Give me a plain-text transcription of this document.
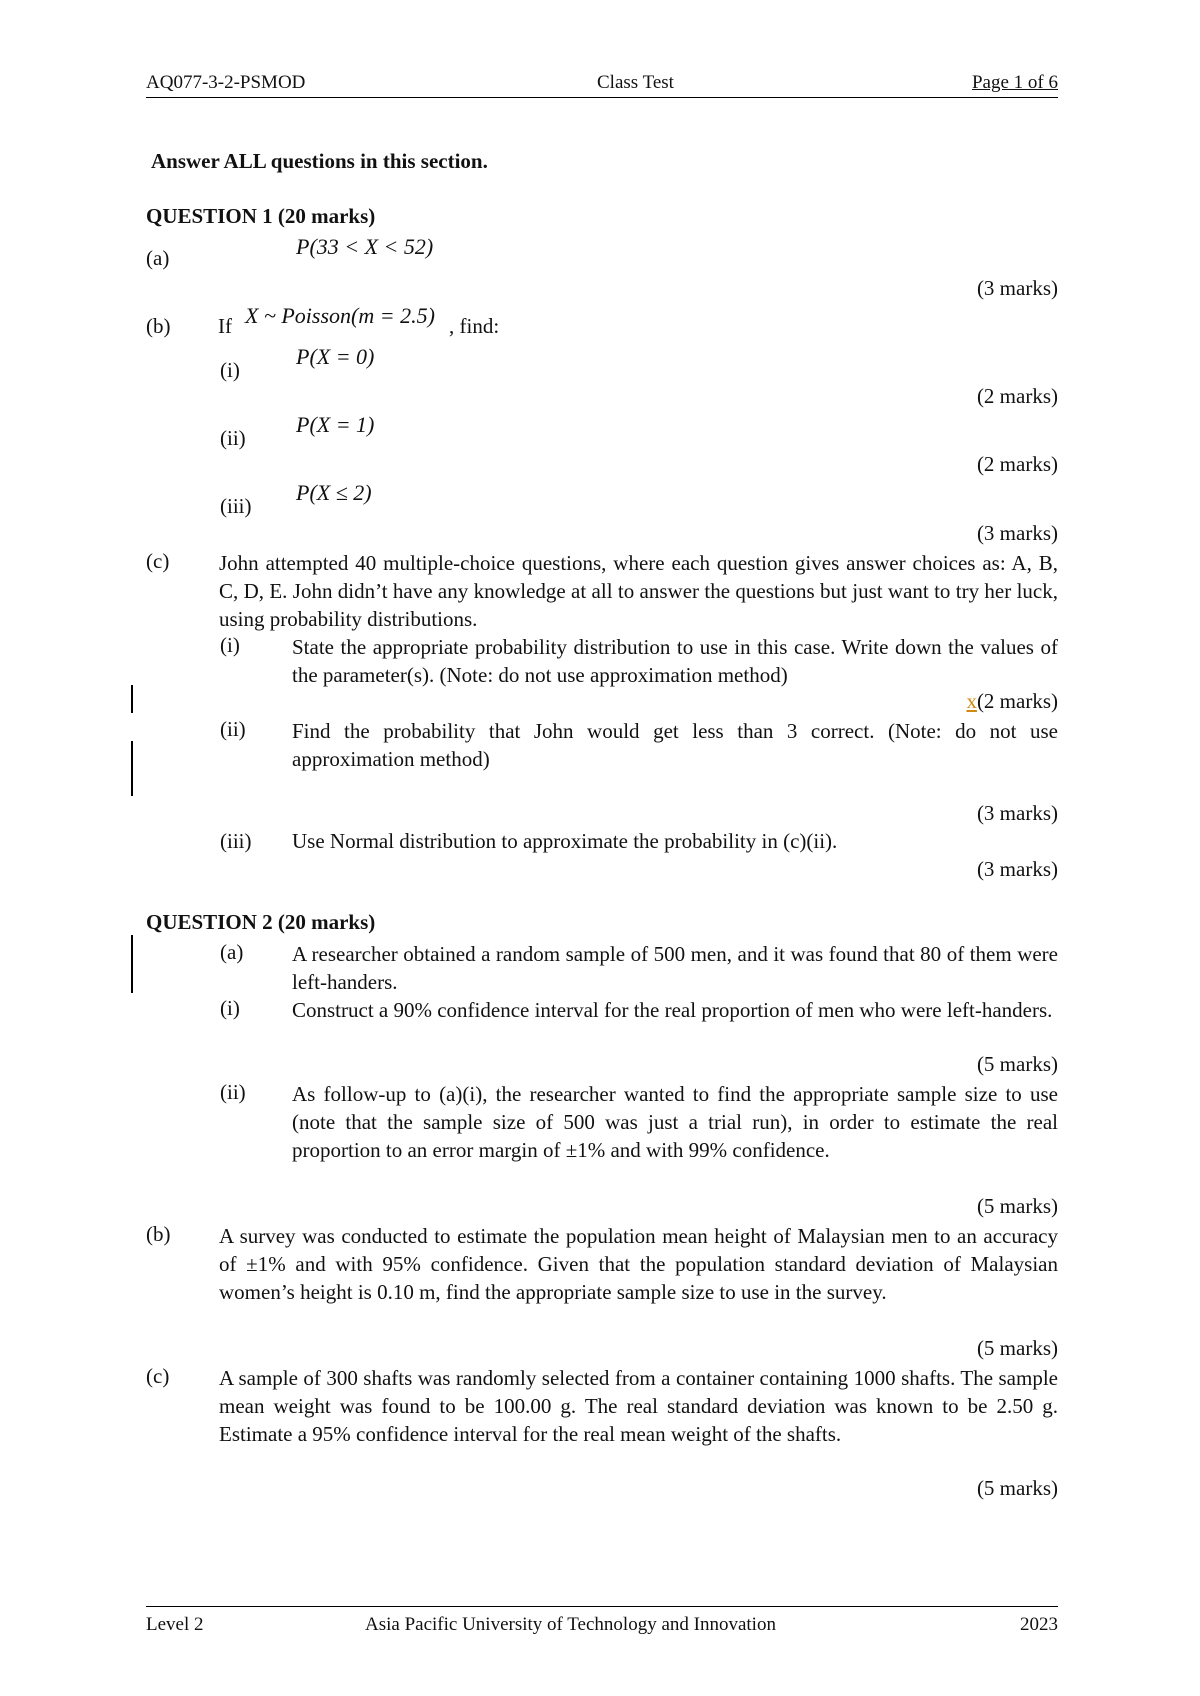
AQ077-3-2-PSMOD	Class Test	Page 1 of 6
Answer ALL questions in this section.
QUESTION 1 (20 marks)
(a)	P(33 < X < 52)
(3 marks)
(b) If X ~ Poisson(m = 2.5) , find:
(i)
P(X = 0)
(2 marks)
(ii)
P(X = 1)
(2 marks)
(iii)
P(X ≤ 2)
(3 marks)
(c) John attempted 40 multiple-choice questions, where each question gives answer choices as: A, B, C, D, E. John didn’t have any knowledge at all to answer the questions but just want to try her luck, using probability distributions.
(i) State the appropriate probability distribution to use in this case. Write down the values of the parameter(s). (Note: do not use approximation method)
x(2 marks)
(ii) Find the probability that John would get less than 3 correct. (Note: do not use approximation method)
(3 marks)
(iii) Use Normal distribution to approximate the probability in (c)(ii).
(3 marks)
QUESTION 2 (20 marks)
(a) A researcher obtained a random sample of 500 men, and it was found that 80 of them were left-handers.
(i) Construct a 90% confidence interval for the real proportion of men who were left-handers.
(5 marks)
(ii) As follow-up to (a)(i), the researcher wanted to find the appropriate sample size to use (note that the sample size of 500 was just a trial run), in order to estimate the real proportion to an error margin of ±1% and with 99% confidence.
(5 marks)
(b) A survey was conducted to estimate the population mean height of Malaysian men to an accuracy of ±1% and with 95% confidence. Given that the population standard deviation of Malaysian women’s height is 0.10 m, find the appropriate sample size to use in the survey.
(5 marks)
(c) A sample of 300 shafts was randomly selected from a container containing 1000 shafts. The sample mean weight was found to be 100.00 g. The real standard deviation was known to be 2.50 g. Estimate a 95% confidence interval for the real mean weight of the shafts.
(5 marks)
Level 2	Asia Pacific University of Technology and Innovation	2023
